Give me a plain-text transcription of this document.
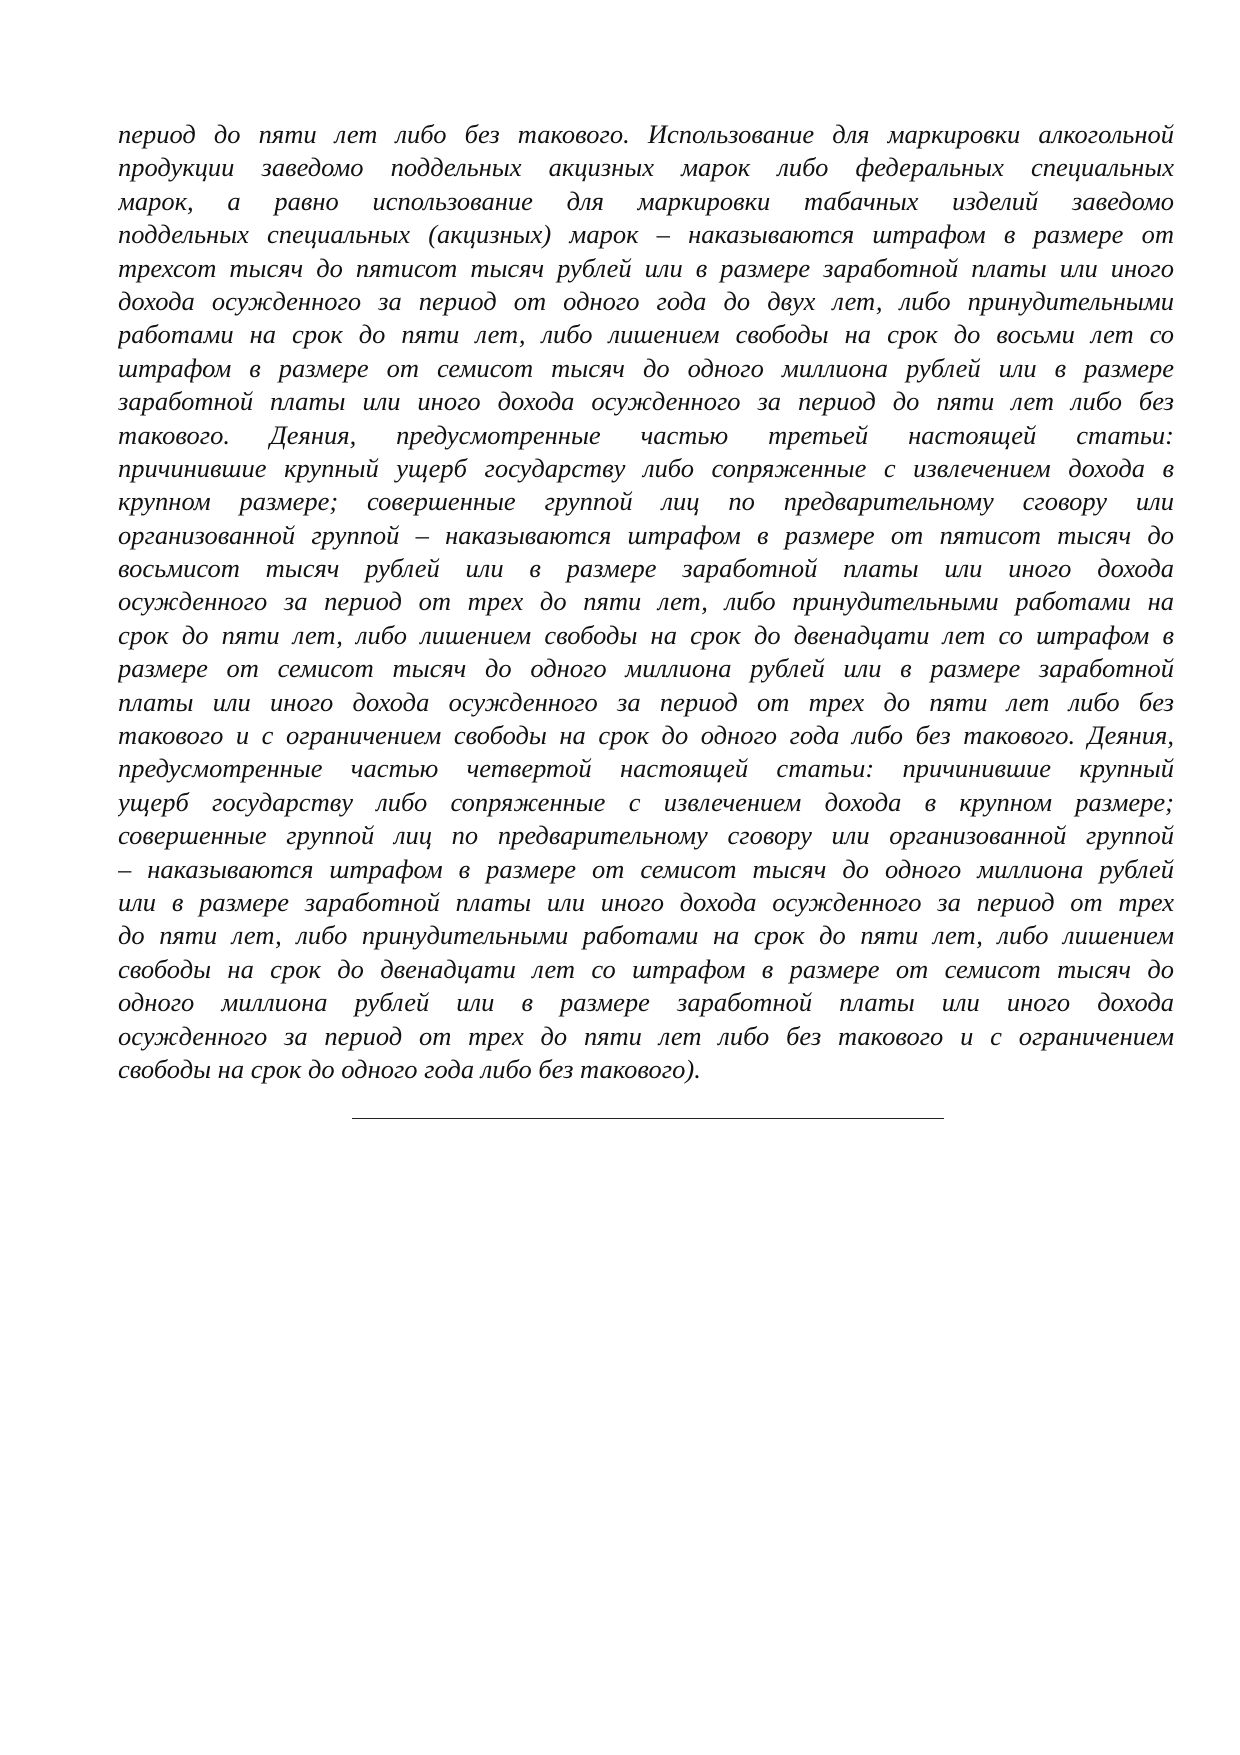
период до пяти лет либо без такового. Использование для маркировки алкогольной
продукции заведомо поддельных акцизных марок либо федеральных специальных
марок, а равно использование для маркировки табачных изделий заведомо
поддельных специальных (акцизных) марок – наказываются штрафом в размере от
трехсот тысяч до пятисот тысяч рублей или в размере заработной платы или иного
дохода осужденного за период от одного года до двух лет, либо принудительными
работами на срок до пяти лет, либо лишением свободы на срок до восьми лет со
штрафом в размере от семисот тысяч до одного миллиона рублей или в размере
заработной платы или иного дохода осужденного за период до пяти лет либо без
такового. Деяния, предусмотренные частью третьей настоящей статьи:
причинившие крупный ущерб государству либо сопряженные с извлечением дохода в
крупном размере; совершенные группой лиц по предварительному сговору или
организованной группой – наказываются штрафом в размере от пятисот тысяч до
восьмисот тысяч рублей или в размере заработной платы или иного дохода
осужденного за период от трех до пяти лет, либо принудительными работами на
срок до пяти лет, либо лишением свободы на срок до двенадцати лет со штрафом в
размере от семисот тысяч до одного миллиона рублей или в размере заработной
платы или иного дохода осужденного за период от трех до пяти лет либо без
такового и с ограничением свободы на срок до одного года либо без такового. Деяния,
предусмотренные частью четвертой настоящей статьи: причинившие крупный
ущерб государству либо сопряженные с извлечением дохода в крупном размере;
совершенные группой лиц по предварительному сговору или организованной группой
– наказываются штрафом в размере от семисот тысяч до одного миллиона рублей
или в размере заработной платы или иного дохода осужденного за период от трех
до пяти лет, либо принудительными работами на срок до пяти лет, либо лишением
свободы на срок до двенадцати лет со штрафом в размере от семисот тысяч до
одного миллиона рублей или в размере заработной платы или иного дохода
осужденного за период от трех до пяти лет либо без такового и с ограничением
свободы на срок до одного года либо без такового).
